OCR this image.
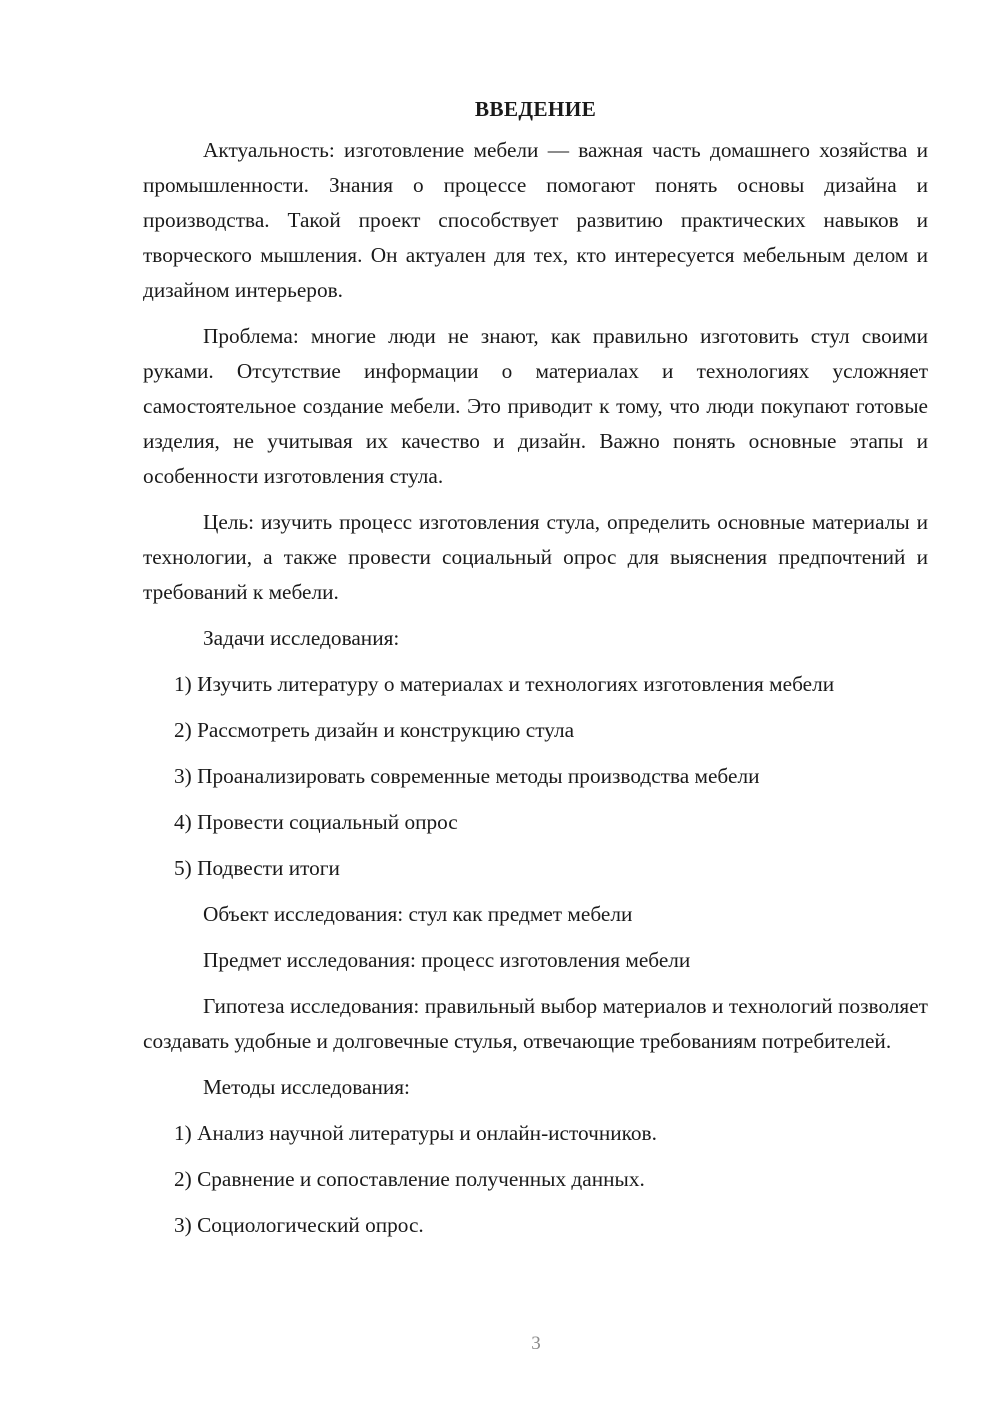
ВВЕДЕНИЕ

Актуальность: изготовление мебели — важная часть домашнего хозяйства и промышленности. Знания о процессе помогают понять основы дизайна и производства. Такой проект способствует развитию практических навыков и творческого мышления. Он актуален для тех, кто интересуется мебельным делом и дизайном интерьеров.

Проблема: многие люди не знают, как правильно изготовить стул своими руками. Отсутствие информации о материалах и технологиях усложняет самостоятельное создание мебели. Это приводит к тому, что люди покупают готовые изделия, не учитывая их качество и дизайн. Важно понять основные этапы и особенности изготовления стула.

Цель: изучить процесс изготовления стула, определить основные материалы и технологии, а также провести социальный опрос для выяснения предпочтений и требований к мебели.

Задачи исследования:

1) Изучить литературу о материалах и технологиях изготовления мебели

2) Рассмотреть дизайн и конструкцию стула

3) Проанализировать современные методы производства мебели

4) Провести социальный опрос

5) Подвести итоги

Объект исследования: стул как предмет мебели

Предмет исследования: процесс изготовления мебели

Гипотеза исследования: правильный выбор материалов и технологий позволяет создавать удобные и долговечные стулья, отвечающие требованиям потребителей.

Методы исследования:

1) Анализ научной литературы и онлайн-источников.

2) Сравнение и сопоставление полученных данных.

3) Социологический опрос.

3
